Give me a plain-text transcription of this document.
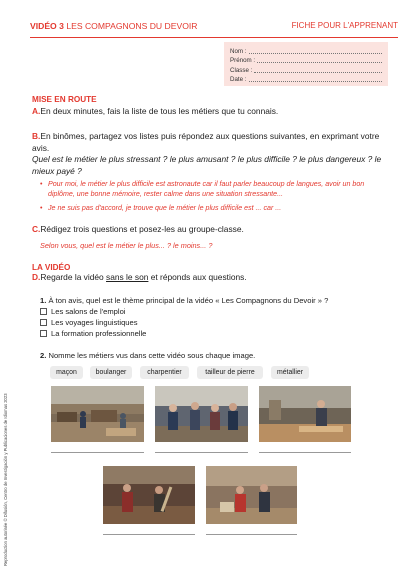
VIDÉO 3 LES COMPAGNONS DU DEVOIR	FICHE POUR L'APPRENANT
Nom :
Prénom :
Classe :
Date :
MISE EN ROUTE
A.En deux minutes, fais la liste de tous les métiers que tu connais.
B.En binômes, partagez vos listes puis répondez aux questions suivantes, en exprimant votre avis.
Quel est le métier le plus stressant ? le plus amusant ? le plus difficile ? le plus dangereux ? le mieux payé ?
• Pour moi, le métier le plus difficile est astronaute car il faut parler beaucoup de langues, avoir un bon diplôme, une bonne mémoire, rester calme dans une situation stressante...
• Je ne suis pas d'accord, je trouve que le métier le plus difficile est ... car ...
C.Rédigez trois questions et posez-les au groupe-classe.
Selon vous, quel est le métier le plus... ? le moins... ?
LA VIDÉO
D.Regarde la vidéo sans le son et réponds aux questions.
1. À ton avis, quel est le thème principal de la vidéo « Les Compagnons du Devoir » ?
Les salons de l'emploi
Les voyages linguistiques
La formation professionnelle
2. Nomme les métiers vus dans cette vidéo sous chaque image.
maçon	boulanger	charpentier	tailleur de pierre	métallier
Reproduction autorisée © Difusión, Centro de Investigación y Publicaciones de Idiomas 2023
